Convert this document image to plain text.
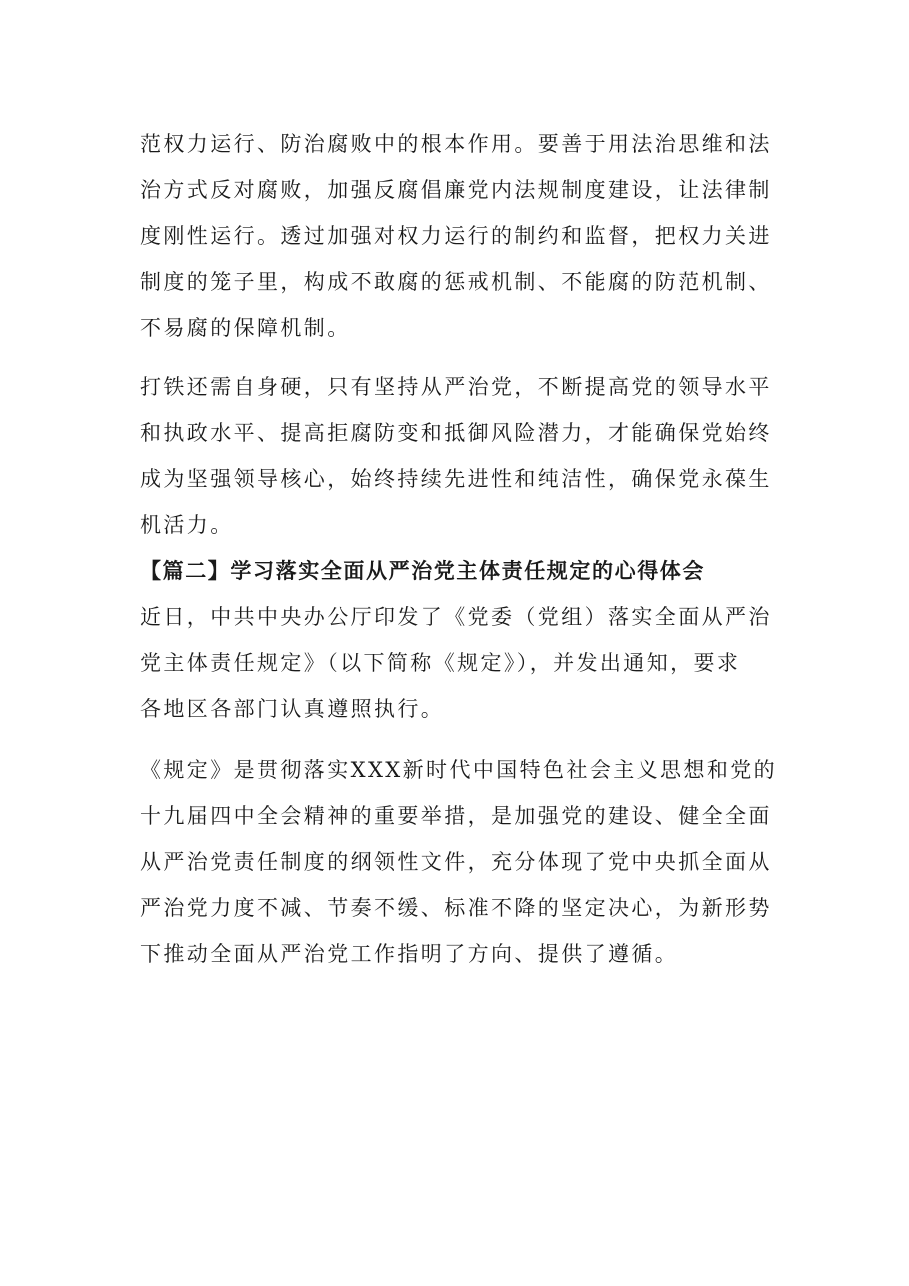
范权力运行、防治腐败中的根本作用。要善于用法治思维和法
治方式反对腐败，加强反腐倡廉党内法规制度建设，让法律制
度刚性运行。透过加强对权力运行的制约和监督，把权力关进
制度的笼子里，构成不敢腐的惩戒机制、不能腐的防范机制、
不易腐的保障机制。

打铁还需自身硬，只有坚持从严治党，不断提高党的领导水平
和执政水平、提高拒腐防变和抵御风险潜力，才能确保党始终
成为坚强领导核心，始终持续先进性和纯洁性，确保党永葆生
机活力。

【篇二】学习落实全面从严治党主体责任规定的心得体会

近日，中共中央办公厅印发了《党委（党组）落实全面从严治
党主体责任规定》（以下简称《规定》），并发出通知，要求
各地区各部门认真遵照执行。

《规定》是贯彻落实XXX新时代中国特色社会主义思想和党的
十九届四中全会精神的重要举措，是加强党的建设、健全全面
从严治党责任制度的纲领性文件，充分体现了党中央抓全面从
严治党力度不减、节奏不缓、标准不降的坚定决心，为新形势
下推动全面从严治党工作指明了方向、提供了遵循。
